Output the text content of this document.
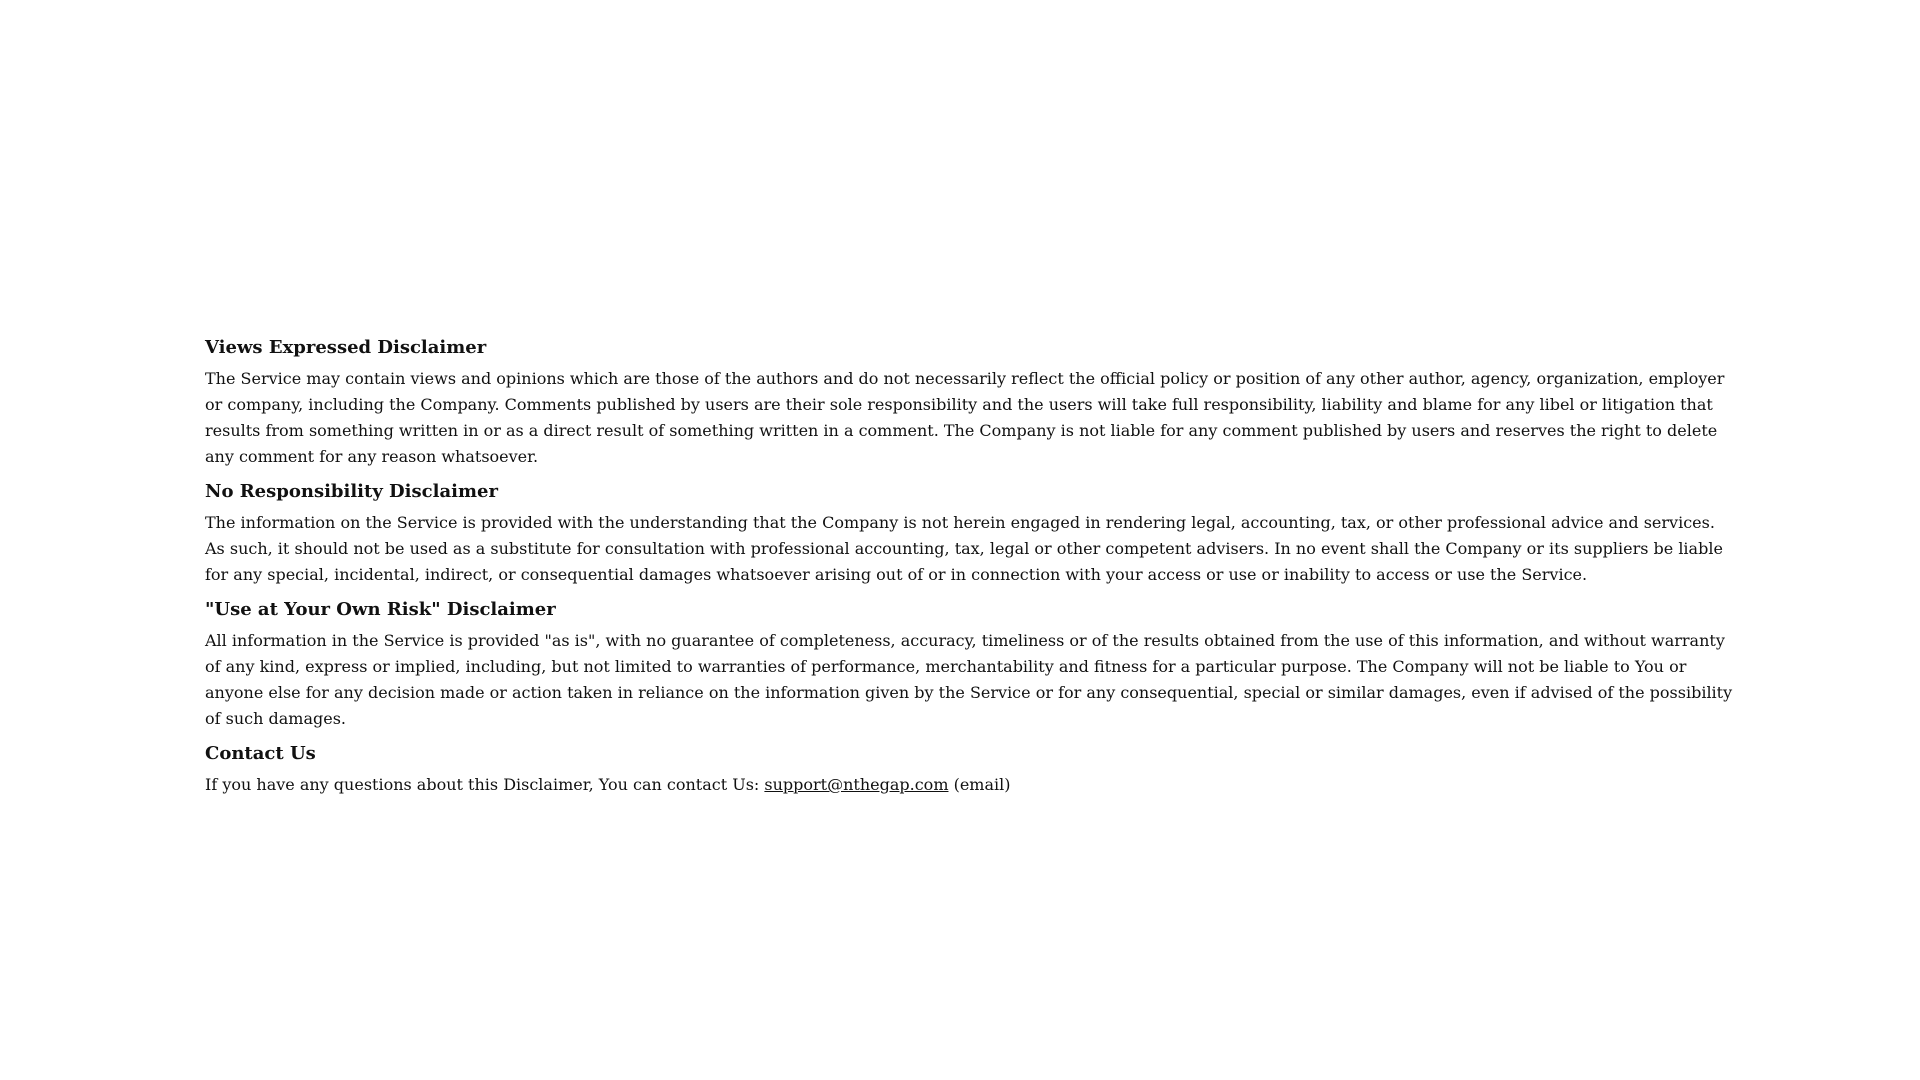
Views Expressed Disclaimer

The Service may contain views and opinions which are those of the authors and do not necessarily reflect the official policy or position of any other author, agency, organization, employer or company, including the Company. Comments published by users are their sole responsibility and the users will take full responsibility, liability and blame for any libel or litigation that results from something written in or as a direct result of something written in a comment. The Company is not liable for any comment published by users and reserves the right to delete any comment for any reason whatsoever.

No Responsibility Disclaimer

The information on the Service is provided with the understanding that the Company is not herein engaged in rendering legal, accounting, tax, or other professional advice and services. As such, it should not be used as a substitute for consultation with professional accounting, tax, legal or other competent advisers. In no event shall the Company or its suppliers be liable for any special, incidental, indirect, or consequential damages whatsoever arising out of or in connection with your access or use or inability to access or use the Service.

"Use at Your Own Risk" Disclaimer

All information in the Service is provided "as is", with no guarantee of completeness, accuracy, timeliness or of the results obtained from the use of this information, and without warranty of any kind, express or implied, including, but not limited to warranties of performance, merchantability and fitness for a particular purpose. The Company will not be liable to You or anyone else for any decision made or action taken in reliance on the information given by the Service or for any consequential, special or similar damages, even if advised of the possibility of such damages.

Contact Us

If you have any questions about this Disclaimer, You can contact Us: support@nthegap.com (email)
